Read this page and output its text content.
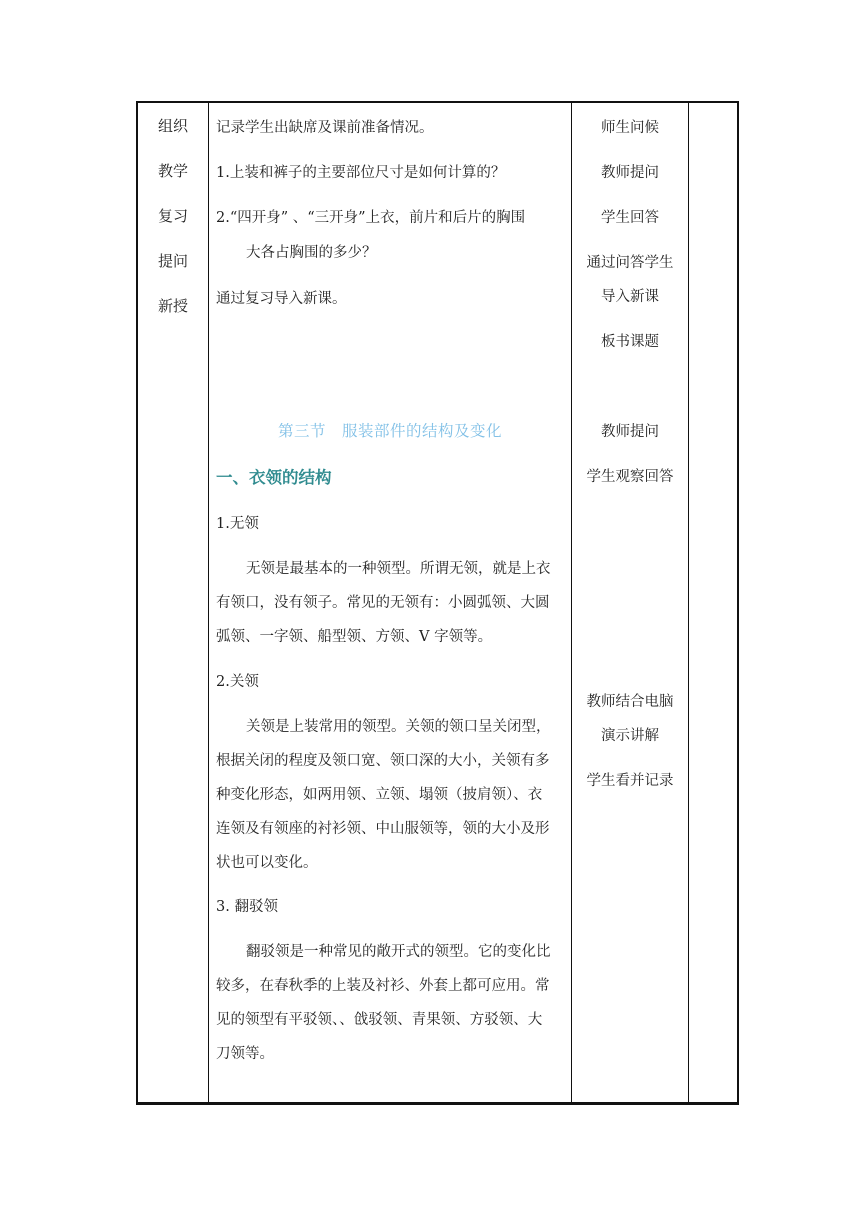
组织
教学
复习
提问
新授
记录学生出缺席及课前准备情况。
1.上装和裤子的主要部位尺寸是如何计算的？
2.“四开身” 、“三开身”上衣，前片和后片的胸围
大各占胸围的多少？
通过复习导入新课。
第三节　服装部件的结构及变化
一、衣领的结构
1.无领
无领是最基本的一种领型。所谓无领，就是上衣
有领口，没有领子。常见的无领有：小圆弧领、大圆
弧领、一字领、船型领、方领、V 字领等。
2.关领
关领是上装常用的领型。关领的领口呈关闭型，
根据关闭的程度及领口宽、领口深的大小，关领有多
种变化形态，如两用领、立领、塌领（披肩领）、衣
连领及有领座的衬衫领、中山服领等，领的大小及形
状也可以变化。
3. 翻驳领
翻驳领是一种常见的敞开式的领型。它的变化比
较多，在春秋季的上装及衬衫、外套上都可应用。常
见的领型有平驳领、、戗驳领、青果领、方驳领、大
刀领等。
师生问候
教师提问
学生回答
通过问答学生
导入新课
板书课题
教师提问
学生观察回答
教师结合电脑
演示讲解
学生看并记录
